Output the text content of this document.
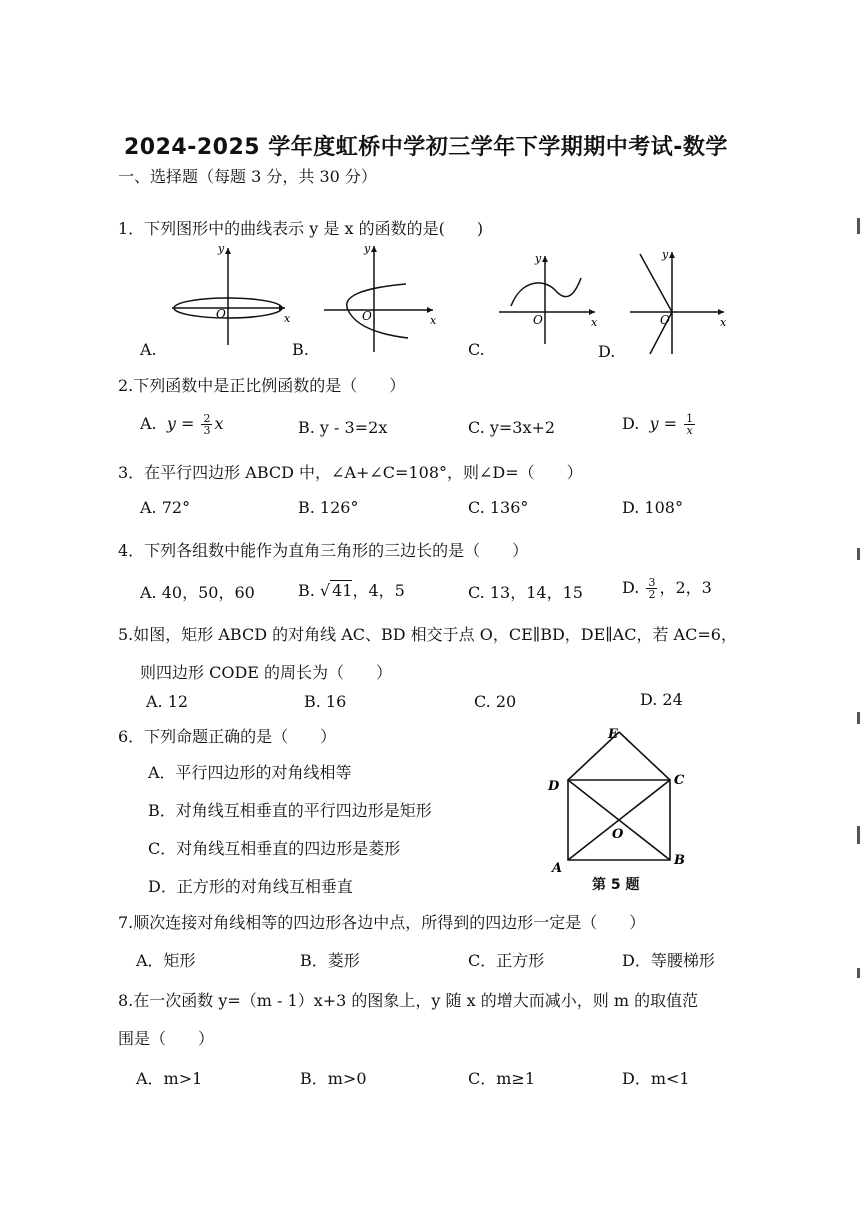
2024-2025 学年度虹桥中学初三学年下学期期中考试-数学
一、选择题（每题 3 分，共 30 分）
1．下列图形中的曲线表示 y 是 x 的函数的是(　　)
O	x
y
A.
O	x
y
B.
O	x
y
C.
O	x
y
D.
2.下列函数中是正比例函数的是（　　）
A. $y = \frac{2}{3}$ x	B. y - 3=2x	C. y=3x+2	D. $y = \frac{1}{x}$
3．在平行四边形 ABCD 中，∠A+∠C=108°，则∠D=（　　）
A. 72°	B. 126°	C. 136°	D. 108°
4．下列各组数中能作为直角三角形的三边长的是（　　）
A. 40，50，60	B. √ 41，4，5	C. 13，14，15 D. $\frac{3}{2}$ ，2，3
5.如图，矩形 ABCD 的对角线 AC、BD 相交于点 O，CE∥BD，DE∥AC，若 AC=6，
则四边形 CODE 的周长为（　　）
A. 12	B. 16	C. 20	D. 24
6．下列命题正确的是（　　）
A．平行四边形的对角线相等
B．对角线互相垂直的平行四边形是矩形
C．对角线互相垂直的四边形是菱形
D．正方形的对角线互相垂直
E
D	C
O
A
B
第 5 题
7.顺次连接对角线相等的四边形各边中点，所得到的四边形一定是（　　）
A．矩形	B．菱形	C．正方形	D．等腰梯形
8.在一次函数 y=（m - 1）x+3 的图象上，y 随 x 的增大而减小，则 m 的取值范
围是（　　）
A．m>1	B．m>0	C．m≥1	D．m<1
